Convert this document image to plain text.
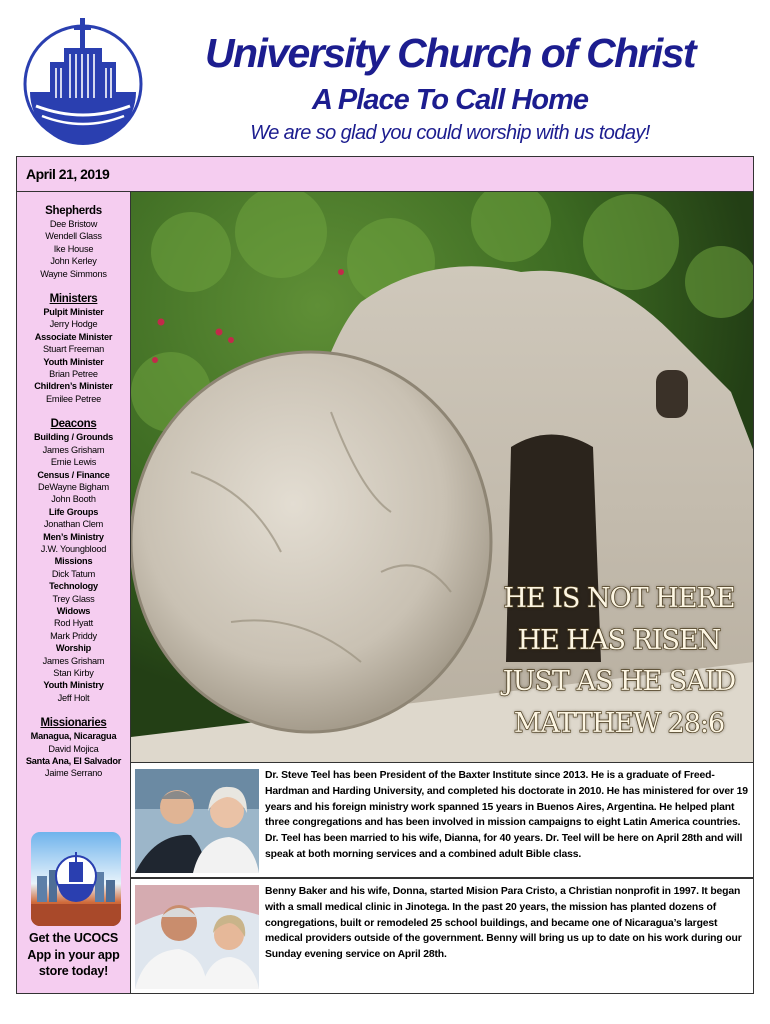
University Church of Christ
A Place To Call Home
We are so glad you could worship with us today!
April 21, 2019
Shepherds
Dee Bristow
Wendell Glass
Ike House
John Kerley
Wayne Simmons
Ministers
Pulpit Minister
Jerry Hodge
Associate Minister
Stuart Freeman
Youth Minister
Brian Petree
Children’s Minister
Emilee Petree
Deacons
Building / Grounds
James Grisham
Ernie Lewis
Census / Finance
DeWayne Bigham
John Booth
Life Groups
Jonathan Clem
Men’s Ministry
J.W. Youngblood
Missions
Dick Tatum
Technology
Trey Glass
Widows
Rod Hyatt
Mark Priddy
Worship
James Grisham
Stan Kirby
Youth Ministry
Jeff Holt
Missionaries
Managua, Nicaragua
David Mojica
Santa Ana, El Salvador
Jaime Serrano
Get the UCOCS
App in your app
store today!
HE IS NOT HERE
HE HAS RISEN
JUST AS HE SAID
MATTHEW 28:6
Dr. Steve Teel has been President of the Baxter Institute since 2013. He is a graduate of Freed-Hardman and Harding University, and completed his doctorate in 2010. He has ministered for over 19 years and his foreign ministry work spanned 15 years in Buenos Aires, Argentina. He helped plant three congregations and has been involved in mission campaigns to eight Latin America countries. Dr. Teel has been married to his wife, Dianna, for 40 years. Dr. Teel will be here on April 28th and will speak at both morning services and a combined adult Bible class.
Benny Baker and his wife, Donna, started Mision Para Cristo, a Christian nonprofit in 1997. It began with a small medical clinic in Jinotega. In the past 20 years, the mission has planted dozens of congregations, built or remodeled 25 school buildings, and became one of Nicaragua’s largest medical providers outside of the government. Benny will bring us up to date on his work during our Sunday evening service on April 28th.
